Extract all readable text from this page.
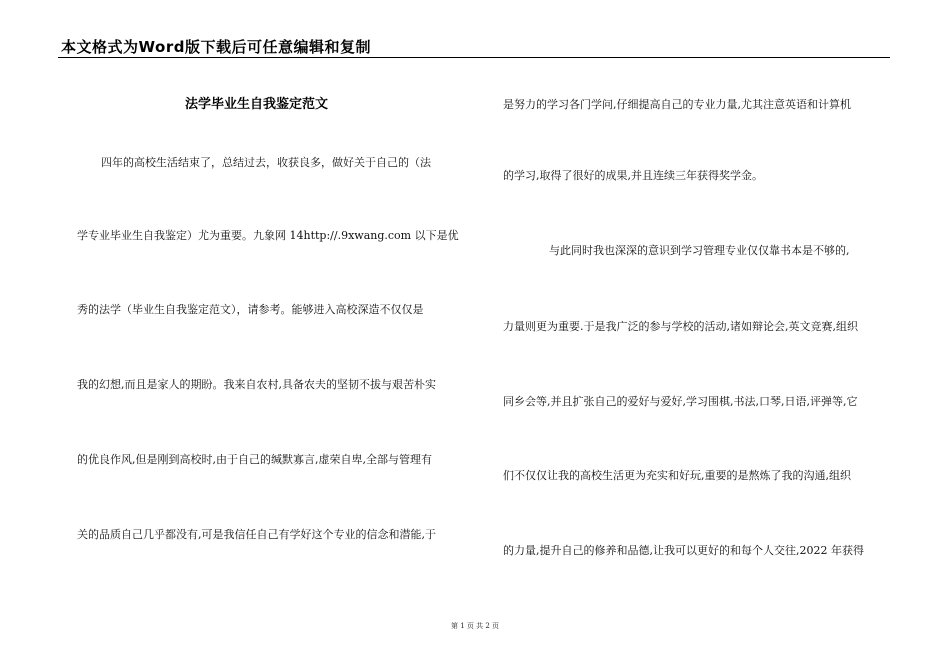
本文格式为Word版下载后可任意编辑和复制
法学毕业生自我鉴定范文
四年的高校生活结束了，总结过去，收获良多，做好关于自己的（法
学专业毕业生自我鉴定）尤为重要。九象网 14http://.9xwang.com 以下是优
秀的法学（毕业生自我鉴定范文），请参考。能够进入高校深造不仅仅是
我的幻想,而且是家人的期盼。我来自农村,具备农夫的坚韧不拔与艰苦朴实
的优良作风,但是刚到高校时,由于自己的缄默寡言,虚荣自卑,全部与管理有
关的品质自己几乎都没有,可是我信任自己有学好这个专业的信念和潜能,于
是努力的学习各门学问,仔细提高自己的专业力量,尤其注意英语和计算机
的学习,取得了很好的成果,并且连续三年获得奖学金。
与此同时我也深深的意识到学习管理专业仅仅靠书本是不够的,
力量则更为重要.于是我广泛的参与学校的活动,诸如辩论会,英文竞赛,组织
同乡会等,并且扩张自己的爱好与爱好,学习围棋,书法,口琴,日语,评弹等,它
们不仅仅让我的高校生活更为充实和好玩,重要的是熬炼了我的沟通,组织
的力量,提升自己的修养和品德,让我可以更好的和每个人交往,2022 年获得
第 1 页 共 2 页
